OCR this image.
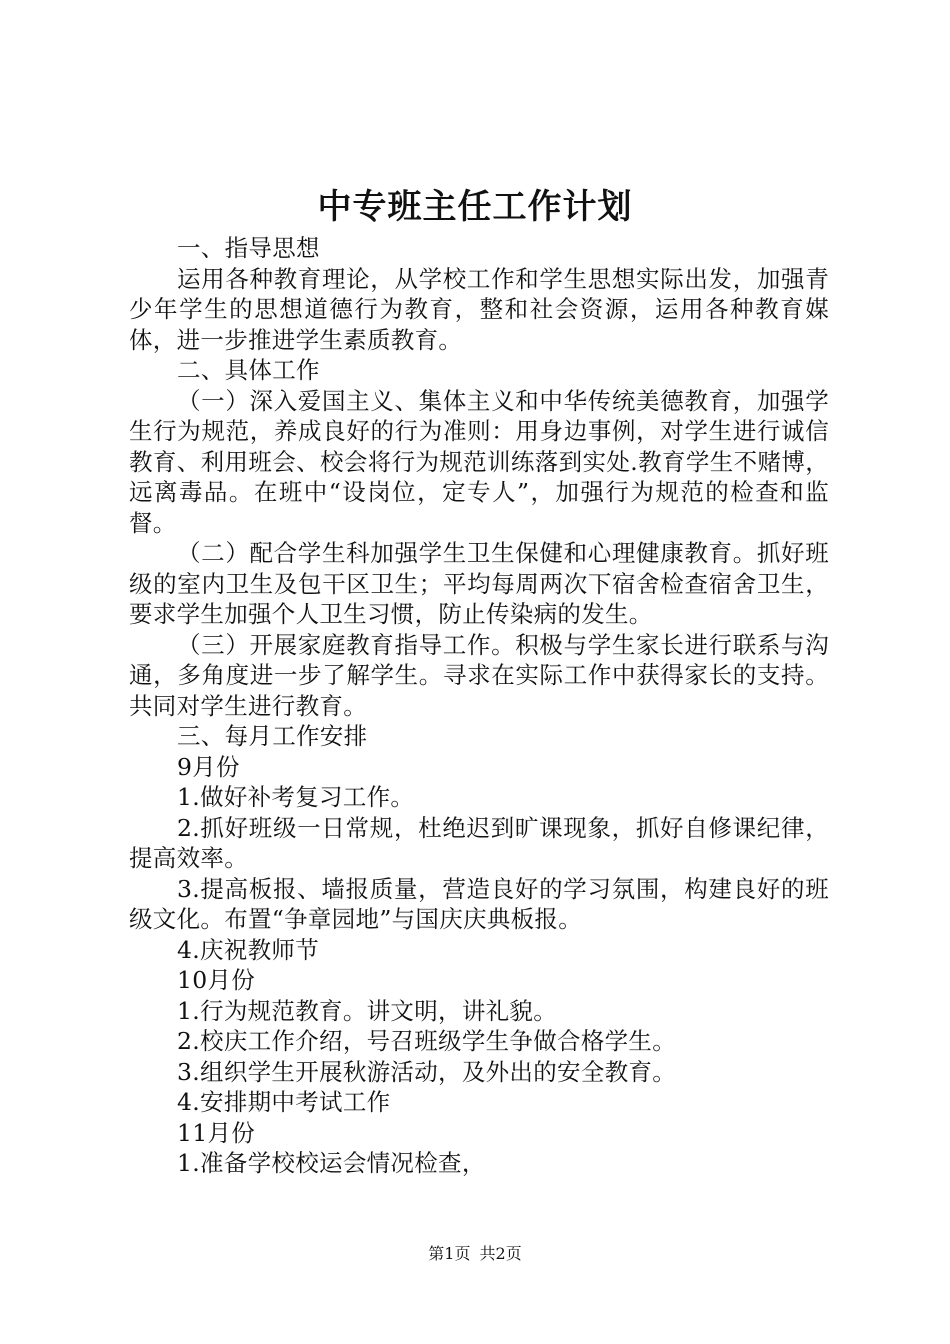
中专班主任工作计划

一、指导思想

运用各种教育理论，从学校工作和学生思想实际出发，加强青少年学生的思想道德行为教育，整和社会资源，运用各种教育媒体，进一步推进学生素质教育。

二、具体工作

（一）深入爱国主义、集体主义和中华传统美德教育，加强学生行为规范，养成良好的行为准则：用身边事例，对学生进行诚信教育、利用班会、校会将行为规范训练落到实处.教育学生不赌博，远离毒品。在班中“设岗位，定专人”，加强行为规范的检查和监督。

（二）配合学生科加强学生卫生保健和心理健康教育。抓好班级的室内卫生及包干区卫生；平均每周两次下宿舍检查宿舍卫生，要求学生加强个人卫生习惯，防止传染病的发生。

（三）开展家庭教育指导工作。积极与学生家长进行联系与沟通，多角度进一步了解学生。寻求在实际工作中获得家长的支持。共同对学生进行教育。

三、每月工作安排

9月份

1.做好补考复习工作。

2.抓好班级一日常规，杜绝迟到旷课现象，抓好自修课纪律，提高效率。

3.提高板报、墙报质量，营造良好的学习氛围，构建良好的班级文化。布置“争章园地”与国庆庆典板报。

4.庆祝教师节

10月份

1.行为规范教育。讲文明，讲礼貌。

2.校庆工作介绍，号召班级学生争做合格学生。

3.组织学生开展秋游活动，及外出的安全教育。

4.安排期中考试工作

11月份

1.准备学校校运会情况检查，

第1页 共2页
